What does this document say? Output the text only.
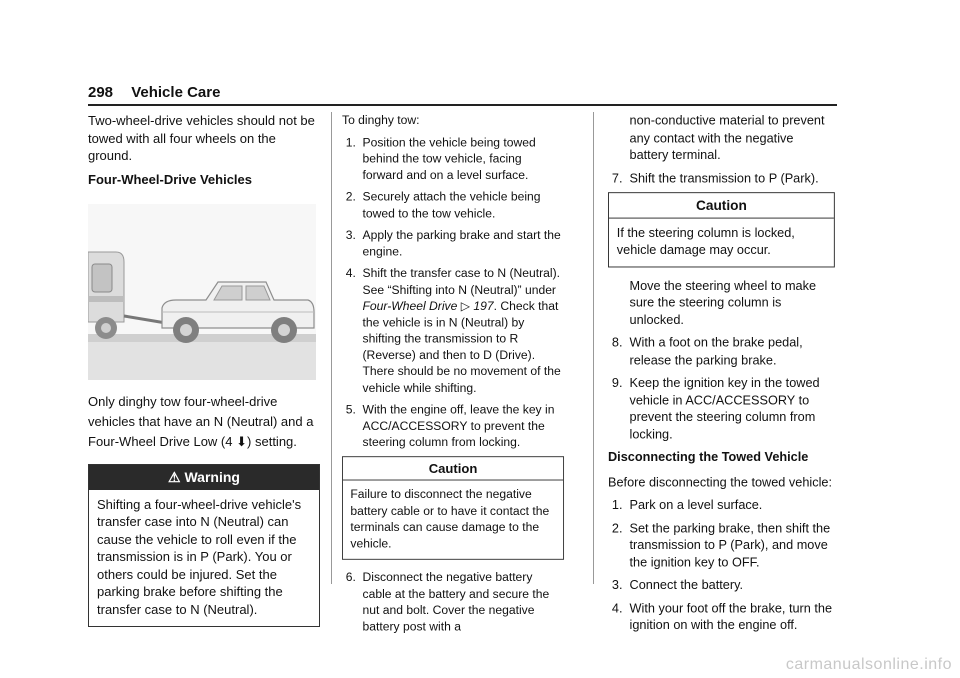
298 Vehicle Care

Two-wheel-drive vehicles should not be towed with all four wheels on the ground.

Four-Wheel-Drive Vehicles

Only dinghy tow four-wheel-drive vehicles that have an N (Neutral) and a Four-Wheel Drive Low (4 ⬇) setting.

⚠ Warning
Shifting a four-wheel-drive vehicle's transfer case into N (Neutral) can cause the vehicle to roll even if the transmission is in P (Park). You or others could be injured. Set the parking brake before shifting the transfer case to N (Neutral).

To dinghy tow:

1. Position the vehicle being towed behind the tow vehicle, facing forward and on a level surface.
2. Securely attach the vehicle being towed to the tow vehicle.
3. Apply the parking brake and start the engine.
4. Shift the transfer case to N (Neutral). See “Shifting into N (Neutral)” under Four-Wheel Drive ▷ 197. Check that the vehicle is in N (Neutral) by shifting the transmission to R (Reverse) and then to D (Drive). There should be no movement of the vehicle while shifting.
5. With the engine off, leave the key in ACC/ACCESSORY to prevent the steering column from locking.
Caution
Failure to disconnect the negative battery cable or to have it contact the terminals can cause damage to the vehicle.
6. Disconnect the negative battery cable at the battery and secure the nut and bolt. Cover the negative battery post with a

non-conductive material to prevent any contact with the negative battery terminal.

7. Shift the transmission to P (Park).
Caution
If the steering column is locked, vehicle damage may occur.

Move the steering wheel to make sure the steering column is unlocked.

8. With a foot on the brake pedal, release the parking brake.
9. Keep the ignition key in the towed vehicle in ACC/ACCESSORY to prevent the steering column from locking.

Disconnecting the Towed Vehicle

Before disconnecting the towed vehicle:

1. Park on a level surface.
2. Set the parking brake, then shift the transmission to P (Park), and move the ignition key to OFF.
3. Connect the battery.
4. With your foot off the brake, turn the ignition on with the engine off.
carmanualsonline.info
